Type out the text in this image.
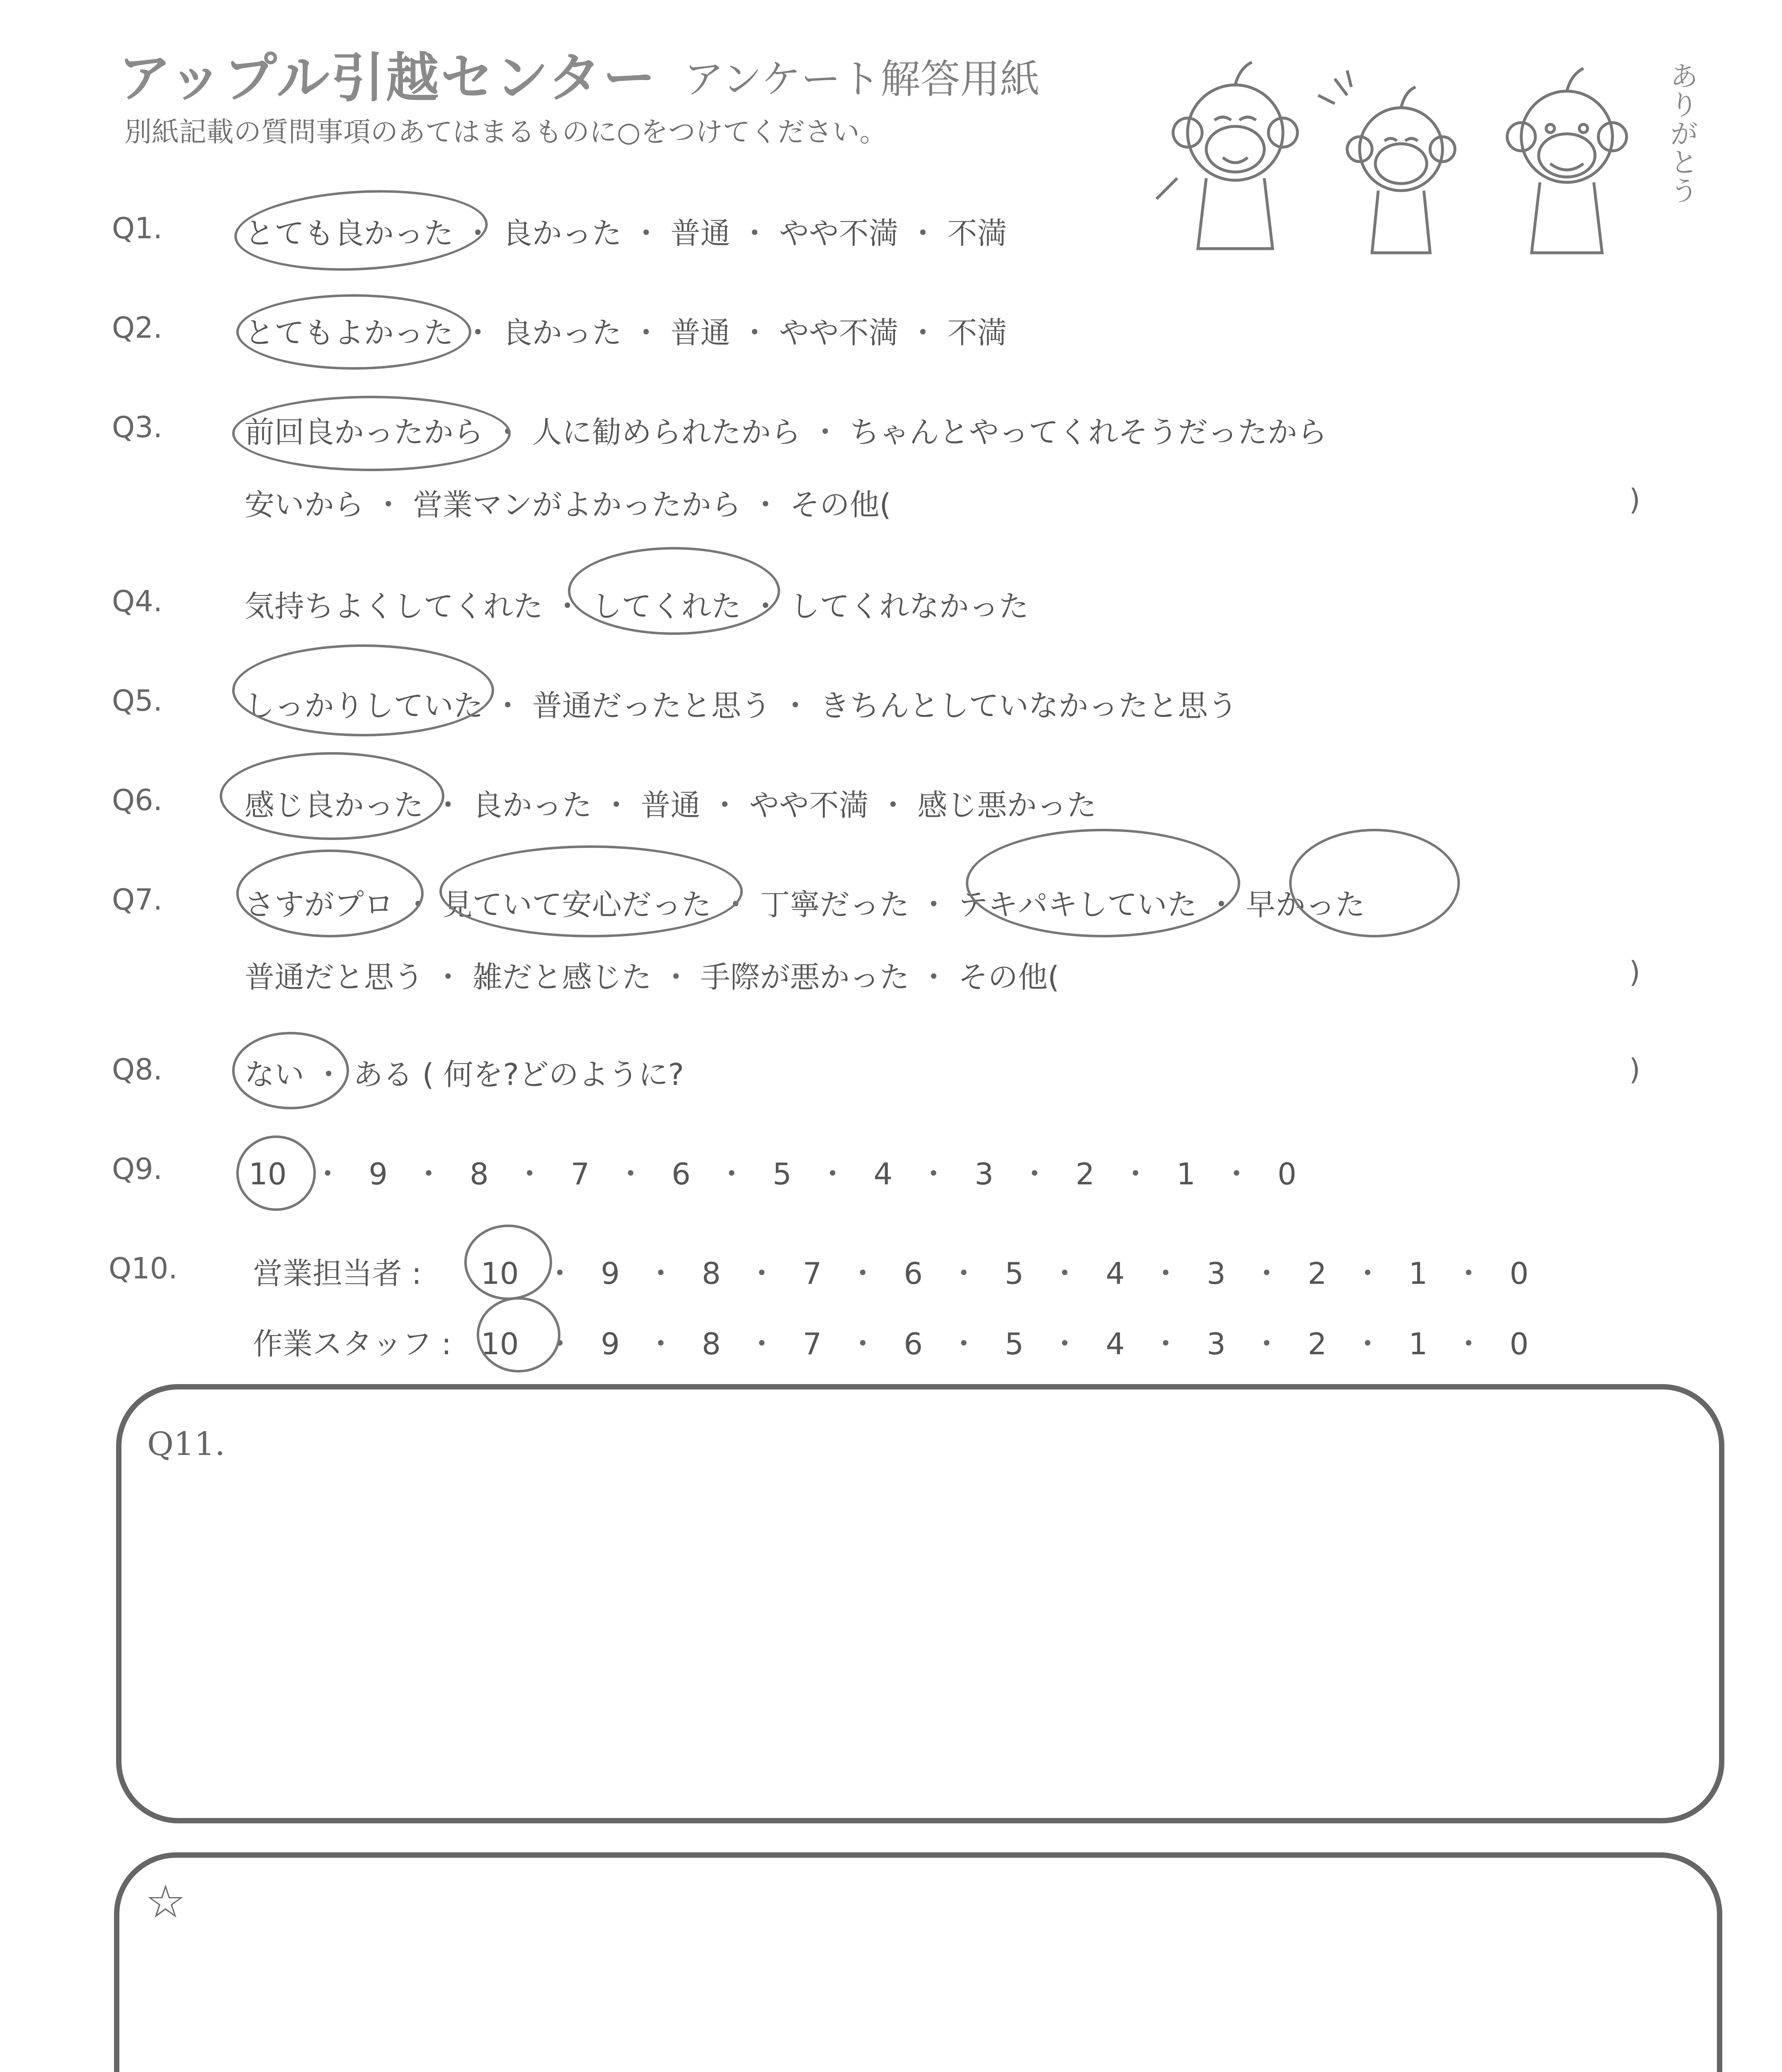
アップル引越センター アンケート解答用紙
別紙記載の質問事項のあてはまるものに○をつけてください。
ありがとう
Q1.	とても良かった ・ 良かった ・ 普通 ・ やや不満 ・ 不満
Q2.	とてもよかった ・ 良かった ・ 普通 ・ やや不満 ・ 不満
Q3.	前回良かったから ・ 人に勧められたから ・ ちゃんとやってくれそうだったから
安いから ・ 営業マンがよかったから ・ その他(	)
Q4.	気持ちよくしてくれた ・ してくれた ・ してくれなかった
Q5.	しっかりしていた ・ 普通だったと思う ・ きちんとしていなかったと思う
Q6.	感じ良かった ・ 良かった ・ 普通 ・ やや不満 ・ 感じ悪かった
Q7.	さすがプロ ・ 見ていて安心だった ・ 丁寧だった ・ テキパキしていた ・ 早かった
普通だと思う ・ 雑だと感じた ・ 手際が悪かった ・ その他(	)
Q8.	ない ・ ある ( 何を?どのように?	)
Q9.	10 ・ 9 ・ 8 ・ 7 ・ 6 ・ 5 ・ 4 ・ 3 ・ 2 ・ 1 ・ 0
Q10.	営業担当者 : 10 ・ 9 ・ 8 ・ 7 ・ 6 ・ 5 ・ 4 ・ 3 ・ 2 ・ 1 ・ 0
作業スタッフ : 10 ・ 9 ・ 8 ・ 7 ・ 6 ・ 5 ・ 4 ・ 3 ・ 2 ・ 1 ・ 0
Q11.
☆
